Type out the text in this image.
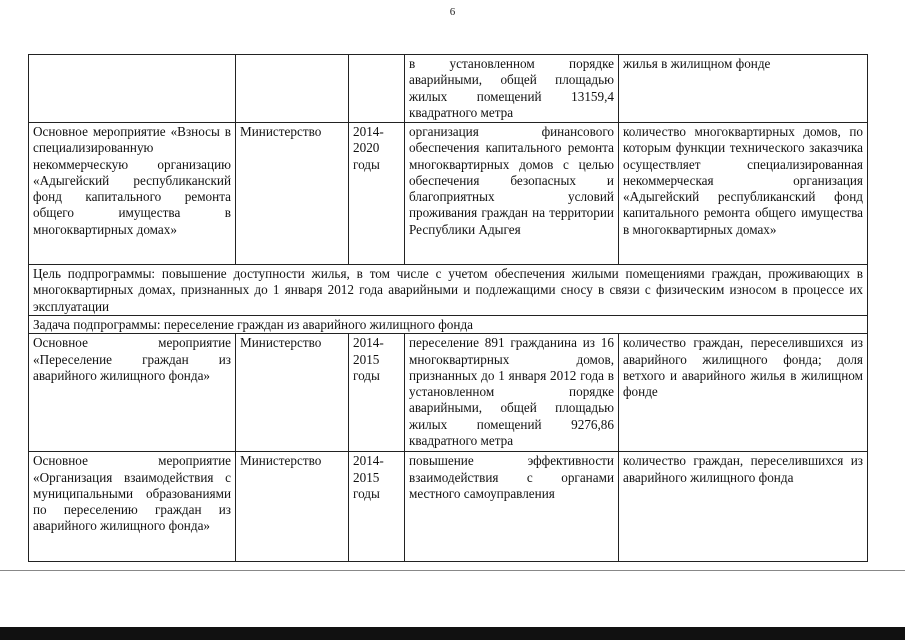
6
			в установленном порядке аварийными, общей площадью жилых помещений 13159,4 квадратного метра	жилья в жилищном фонде
Основное мероприятие «Взносы в специализированную некоммерческую организацию «Адыгейский республиканский фонд капитального ремонта общего имущества в многоквартирных домах»	Министерство	2014-2020 годы	организация финансового обеспечения капитального ремонта многоквартирных домов с целью обеспечения безопасных и благоприятных условий проживания граждан на территории Республики Адыгея	количество многоквартирных домов, по которым функции технического заказчика осуществляет специализированная некоммерческая организация «Адыгейский республиканский фонд капитального ремонта общего имущества в многоквартирных домах»
Цель подпрограммы: повышение доступности жилья, в том числе с учетом обеспечения жилыми помещениями граждан, проживающих в многоквартирных домах, признанных до 1 января 2012 года аварийными и подлежащими сносу в связи с физическим износом в процессе их эксплуатации				
Задача подпрограммы: переселение граждан из аварийного жилищного фонда				
Основное мероприятие «Переселение граждан из аварийного жилищного фонда»	Министерство	2014-2015 годы	переселение 891 гражданина из 16 многоквартирных домов, признанных до 1 января 2012 года в установленном порядке аварийными, общей площадью жилых помещений 9276,86 квадратного метра	количество граждан, переселившихся из аварийного жилищного фонда; доля ветхого и аварийного жилья в жилищном фонде
Основное мероприятие «Организация взаимодействия с муниципальными образованиями по переселению граждан из аварийного жилищного фонда»	Министерство	2014-2015 годы	повышение эффективности взаимодействия с органами местного самоуправления	количество граждан, переселившихся из аварийного жилищного фонда
